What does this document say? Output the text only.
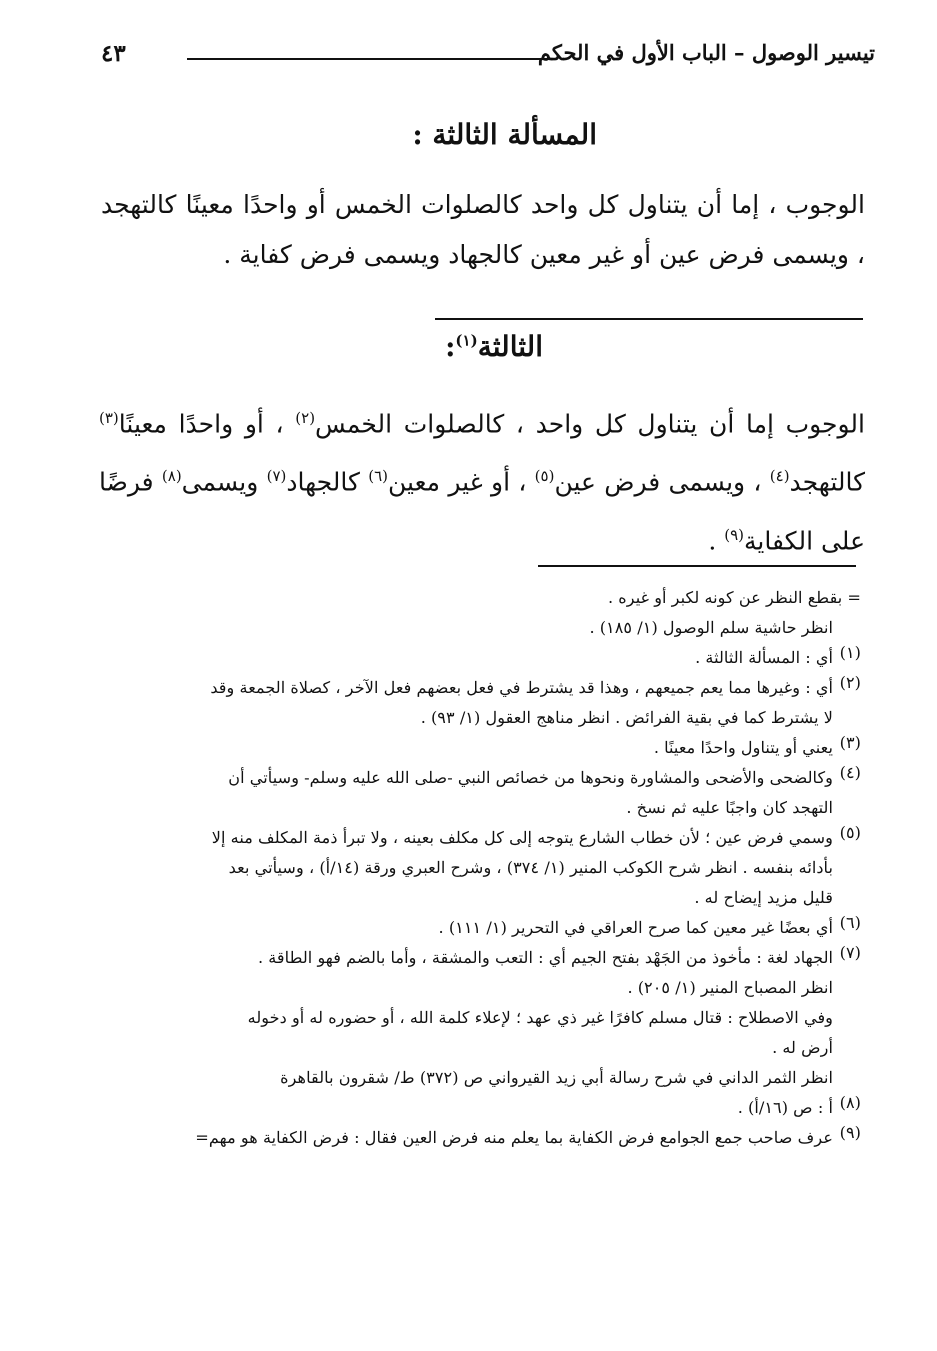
تيسير الوصول – الباب الأول في الحكم
٤٣
المسألة الثالثة :
الوجوب ، إما أن يتناول كل واحد كالصلوات الخمس أو واحدًا معينًا كالتهجد ، ويسمى فرض عين أو غير معين كالجهاد ويسمى فرض كفاية .
الثالثة$^{(١)}$:
الوجوب إما أن يتناول كل واحد ، كالصلوات الخمس$^{(٢)}$ ، أو واحدًا معينًا$^{(٣)}$ كالتهجد$^{(٤)}$ ، ويسمى فرض عين$^{(٥)}$ ، أو غير معين$^{(٦)}$ كالجهاد$^{(٧)}$ ويسمى$^{(٨)}$ فرضًا على الكفاية$^{(٩)}$ .
= بقطع النظر عن كونه لكبر أو غيره .
انظر حاشية سلم الوصول (١/ ١٨٥) .
(١)
أي : المسألة الثالثة .
(٢)
أي : وغيرها مما يعم جميعهم ، وهذا قد يشترط في فعل بعضهم فعل الآخر ، كصلاة الجمعة وقد
لا يشترط كما في بقية الفرائض . انظر مناهج العقول (١/ ٩٣) .
(٣)
يعني أو يتناول واحدًا معينًا .
(٤)
وكالضحى والأضحى والمشاورة ونحوها من خصائص النبي -صلى الله عليه وسلم- وسيأتي أن
التهجد كان واجبًا عليه ثم نسخ .
(٥)
وسمي فرض عين ؛ لأن خطاب الشارع يتوجه إلى كل مكلف بعينه ، ولا تبرأ ذمة المكلف منه إلا
بأدائه بنفسه . انظر شرح الكوكب المنير (١/ ٣٧٤) ، وشرح العبري ورقة (١٤/أ) ، وسيأتي بعد
قليل مزيد إيضاح له .
(٦)
أي بعضًا غير معين كما صرح العراقي في التحرير (١/ ١١١) .
(٧)
الجهاد لغة : مأخوذ من الجَهْد بفتح الجيم أي : التعب والمشقة ، وأما بالضم فهو الطاقة .
انظر المصباح المنير (١/ ٢٠٥) .
وفي الاصطلاح : قتال مسلم كافرًا غير ذي عهد ؛ لإعلاء كلمة الله ، أو حضوره له أو دخوله
أرض له .
انظر الثمر الداني في شرح رسالة أبي زيد القيرواني ص (٣٧٢) ط/ شقرون بالقاهرة
(٨)
أ : ص (١٦/أ) .
(٩)
عرف صاحب جمع الجوامع فرض الكفاية بما يعلم منه فرض العين فقال : فرض الكفاية هو مهم=
